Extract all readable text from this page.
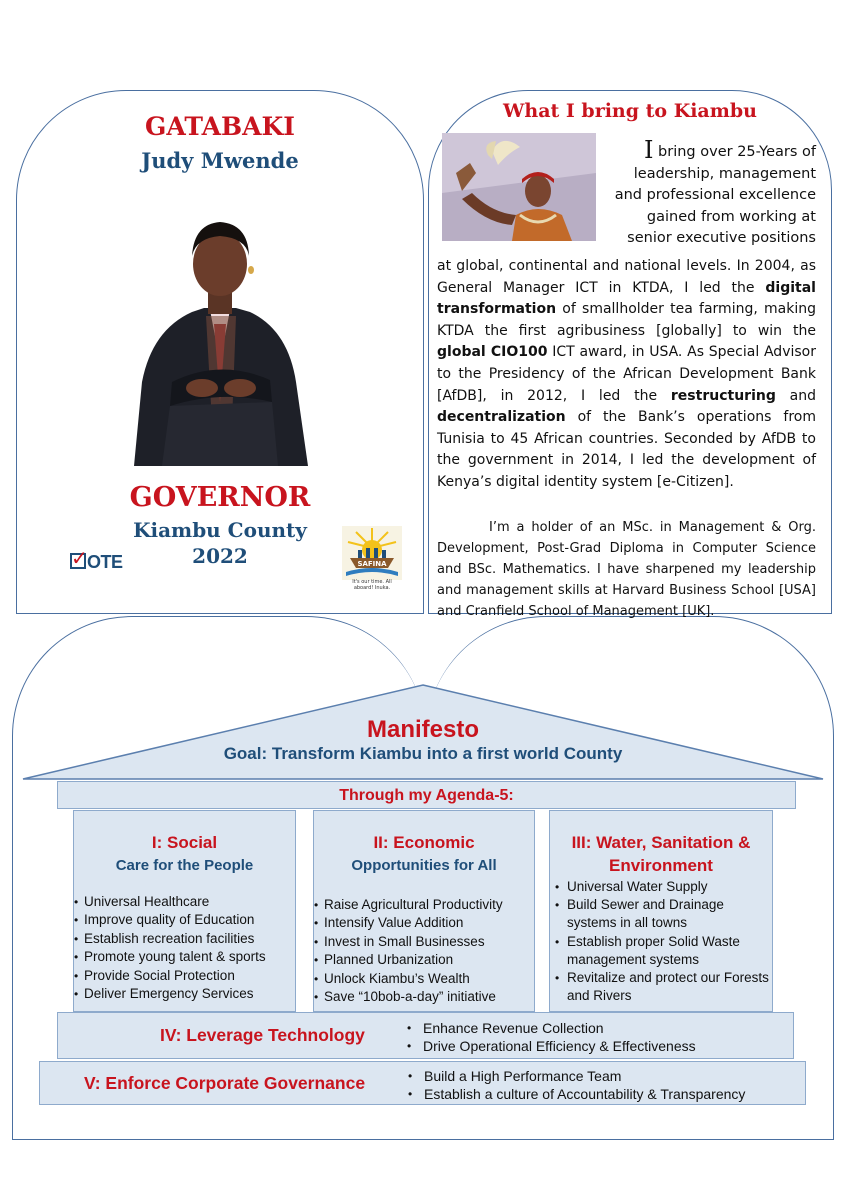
GATABAKI
Judy Mwende
GOVERNOR
Kiambu County
2022
✓ OTE	SAFINA
It's our time. All aboard! Inuka.
What I bring to Kiambu
I bring over 25-Years of leadership, management and professional excellence gained from working at senior executive positions
at global, continental and national levels. In 2004, as General Manager ICT in KTDA, I led the digital transformation of smallholder tea farming, making KTDA the first agribusiness [globally] to win the global CIO100 ICT award, in USA. As Special Advisor to the Presidency of the African Development Bank [AfDB], in 2012, I led the restructuring and decentralization of the Bank’s operations from Tunisia to 45 African countries. Seconded by AfDB to the government in 2014, I led the development of Kenya’s digital identity system [e-Citizen].
I’m a holder of an MSc. in Management & Org. Development, Post-Grad Diploma in Computer Science and BSc. Mathematics. I have sharpened my leadership and management skills at Harvard Business School [USA] and Cranfield School of Management [UK].
Manifesto
Goal: Transform Kiambu into a first world County
Through my Agenda-5:
I: Social
Care for the People
• Universal Healthcare
• Improve quality of Education
• Establish recreation facilities
• Promote young talent & sports
• Provide Social Protection
• Deliver Emergency Services
II: Economic
Opportunities for All
• Raise Agricultural Productivity
• Intensify Value Addition
• Invest in Small Businesses
• Planned Urbanization
• Unlock Kiambu’s Wealth
• Save “10bob-a-day” initiative
III: Water, Sanitation &
Environment
• Universal Water Supply
• Build Sewer and Drainage systems in all towns
• Establish proper Solid Waste management systems
• Revitalize and protect our Forests and Rivers
IV: Leverage Technology	• Enhance Revenue Collection
• Drive Operational Efficiency & Effectiveness
V: Enforce Corporate Governance	• Build a High Performance Team
• Establish a culture of Accountability & Transparency
